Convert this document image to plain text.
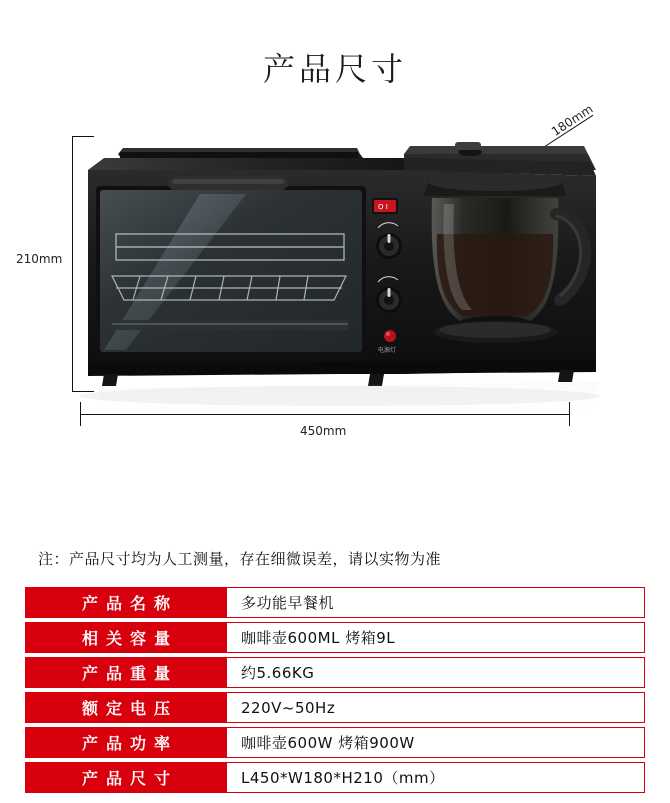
产品尺寸
210mm
450mm
180mm
O I
电源灯
注：产品尺寸均为人工测量，存在细微误差，请以实物为准
产品名称	多功能早餐机
相关容量	咖啡壶600ML 烤箱9L
产品重量	约5.66KG
额定电压	220V~50Hz
产品功率	咖啡壶600W 烤箱900W
产品尺寸	L450*W180*H210（mm）
